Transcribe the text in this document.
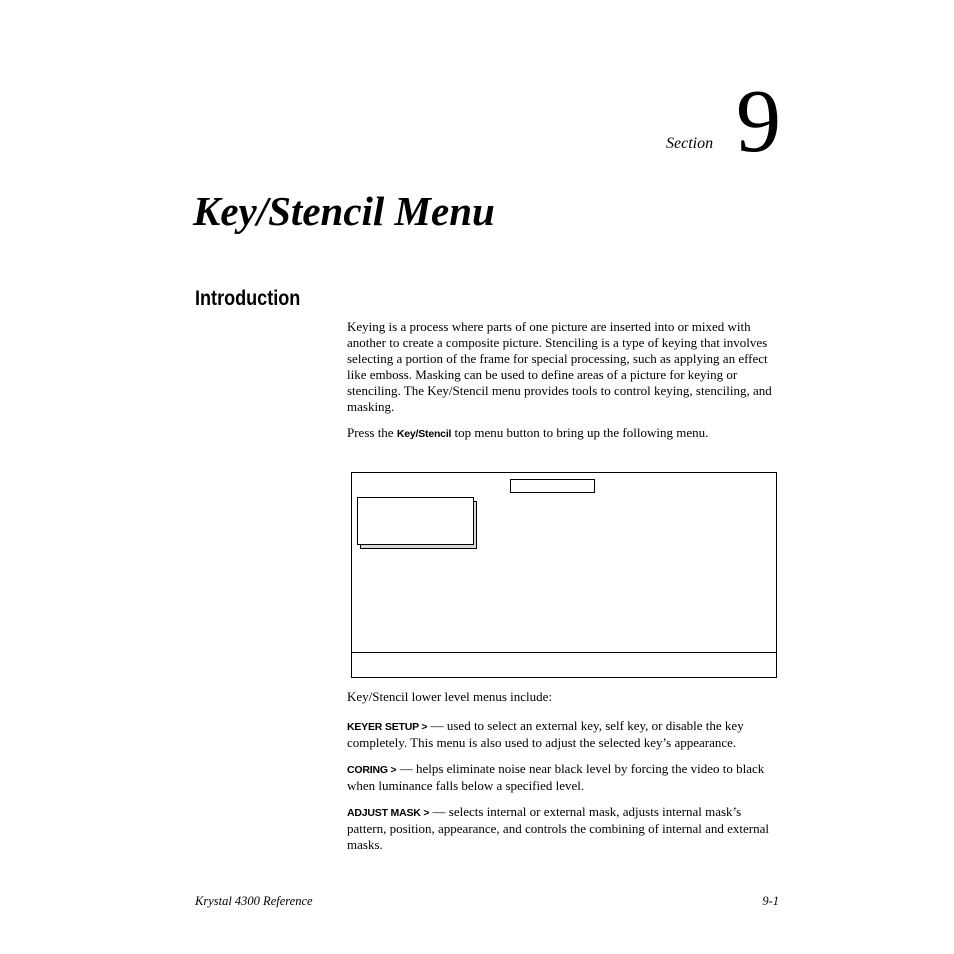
Section 9
Key/Stencil Menu
Introduction

Keying is a process where parts of one picture are inserted into or mixed with another to create a composite picture. Stenciling is a type of keying that involves selecting a portion of the frame for special processing, such as applying an effect like emboss. Masking can be used to define areas of a picture for keying or stenciling. The Key/Stencil menu provides tools to control keying, stenciling, and masking.

Press the Key/Stencil top menu button to bring up the following menu.

Key/Stencil lower level menus include:

KEYER SETUP > — used to select an external key, self key, or disable the key completely. This menu is also used to adjust the selected key’s appearance.

CORING > — helps eliminate noise near black level by forcing the video to black when luminance falls below a specified level.

ADJUST MASK > — selects internal or external mask, adjusts internal mask’s pattern, position, appearance, and controls the combining of internal and external masks.

Krystal 4300 Reference	9-1
